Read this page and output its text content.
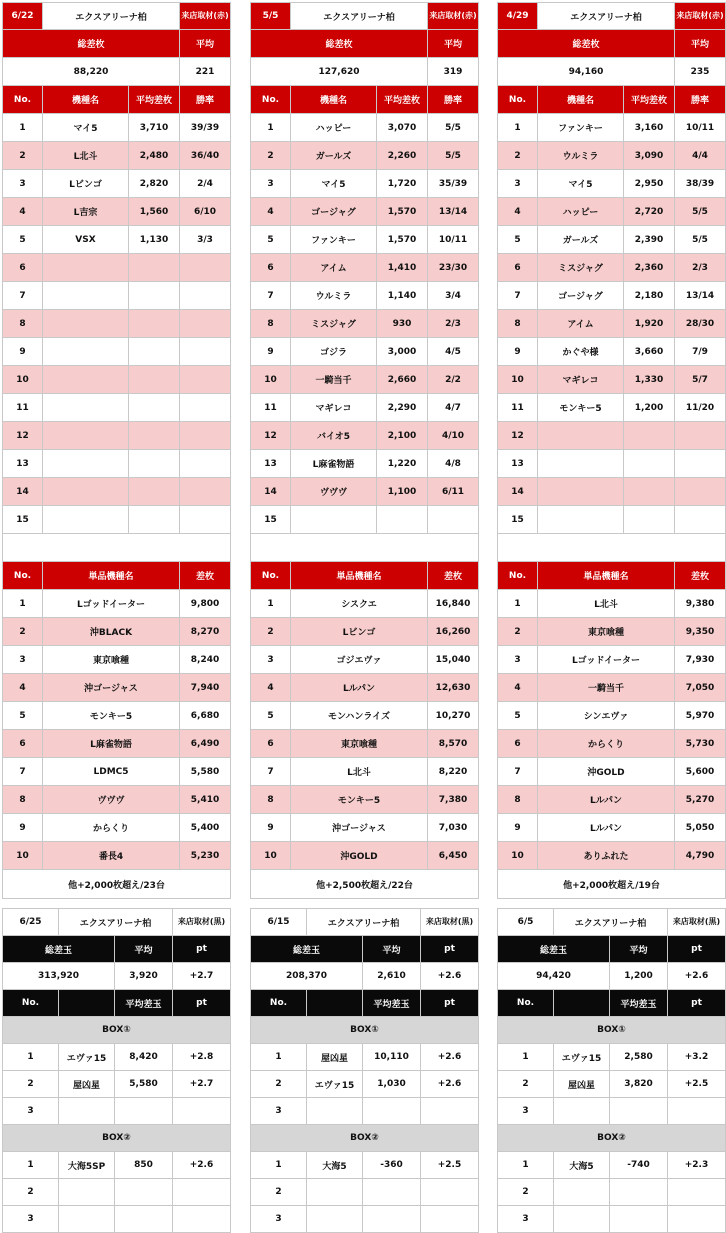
6/22	エクスアリーナ柏		来店取材(赤)
総差枚			平均
88,220			221
No.	機種名	平均差枚	勝率
1	マイ5	3,710	39/39
2	L北斗	2,480	36/40
3	Lビンゴ	2,820	2/4
4	L吉宗	1,560	6/10
5	VSX	1,130	3/3
6			
7			
8			
9			
10			
11			
12			
13			
14			
15			

No.	単品機種名		差枚
1	Lゴッドイーター		9,800
2	沖BLACK		8,270
3	東京喰種		8,240
4	沖ゴージャス		7,940
5	モンキー5		6,680
6	L麻雀物語		6,490
7	LDMC5		5,580
8	ヴヴヴ		5,410
9	からくり		5,400
10	番長4		5,230
他+2,000枚超え/23台			
5/5	エクスアリーナ柏		来店取材(赤)
総差枚			平均
127,620			319
No.	機種名	平均差枚	勝率
1	ハッピー	3,070	5/5
2	ガールズ	2,260	5/5
3	マイ5	1,720	35/39
4	ゴージャグ	1,570	13/14
5	ファンキー	1,570	10/11
6	アイム	1,410	23/30
7	ウルミラ	1,140	3/4
8	ミスジャグ	930	2/3
9	ゴジラ	3,000	4/5
10	一騎当千	2,660	2/2
11	マギレコ	2,290	4/7
12	バイオ5	2,100	4/10
13	L麻雀物語	1,220	4/8
14	ヴヴヴ	1,100	6/11
15			

No.	単品機種名		差枚
1	シスクエ		16,840
2	Lビンゴ		16,260
3	ゴジエヴァ		15,040
4	Lルパン		12,630
5	モンハンライズ		10,270
6	東京喰種		8,570
7	L北斗		8,220
8	モンキー5		7,380
9	沖ゴージャス		7,030
10	沖GOLD		6,450
他+2,500枚超え/22台			
4/29	エクスアリーナ柏		来店取材(赤)
総差枚			平均
94,160			235
No.	機種名	平均差枚	勝率
1	ファンキー	3,160	10/11
2	ウルミラ	3,090	4/4
3	マイ5	2,950	38/39
4	ハッピー	2,720	5/5
5	ガールズ	2,390	5/5
6	ミスジャグ	2,360	2/3
7	ゴージャグ	2,180	13/14
8	アイム	1,920	28/30
9	かぐや様	3,660	7/9
10	マギレコ	1,330	5/7
11	モンキー5	1,200	11/20
12			
13			
14			
15			

No.	単品機種名		差枚
1	L北斗		9,380
2	東京喰種		9,350
3	Lゴッドイーター		7,930
4	一騎当千		7,050
5	シンエヴァ		5,970
6	からくり		5,730
7	沖GOLD		5,600
8	Lルパン		5,270
9	Lルパン		5,050
10	ありふれた		4,790
他+2,000枚超え/19台			
6/25	エクスアリーナ柏		来店取材(黒)
総差玉		平均	pt
313,920		3,920	+2.7
No.		平均差玉	pt
BOX①			
1	エヴァ15	8,420	+2.8
2	屋凶星	5,580	+2.7
3			
BOX②			
1	大海5SP	850	+2.6
2			
3			
6/15	エクスアリーナ柏		来店取材(黒)
総差玉		平均	pt
208,370		2,610	+2.6
No.		平均差玉	pt
BOX①			
1	屋凶星	10,110	+2.6
2	エヴァ15	1,030	+2.6
3			
BOX②			
1	大海5	-360	+2.5
2			
3			
6/5	エクスアリーナ柏		来店取材(黒)
総差玉		平均	pt
94,420		1,200	+2.6
No.		平均差玉	pt
BOX①			
1	エヴァ15	2,580	+3.2
2	屋凶星	3,820	+2.5
3			
BOX②			
1	大海5	-740	+2.3
2			
3			
